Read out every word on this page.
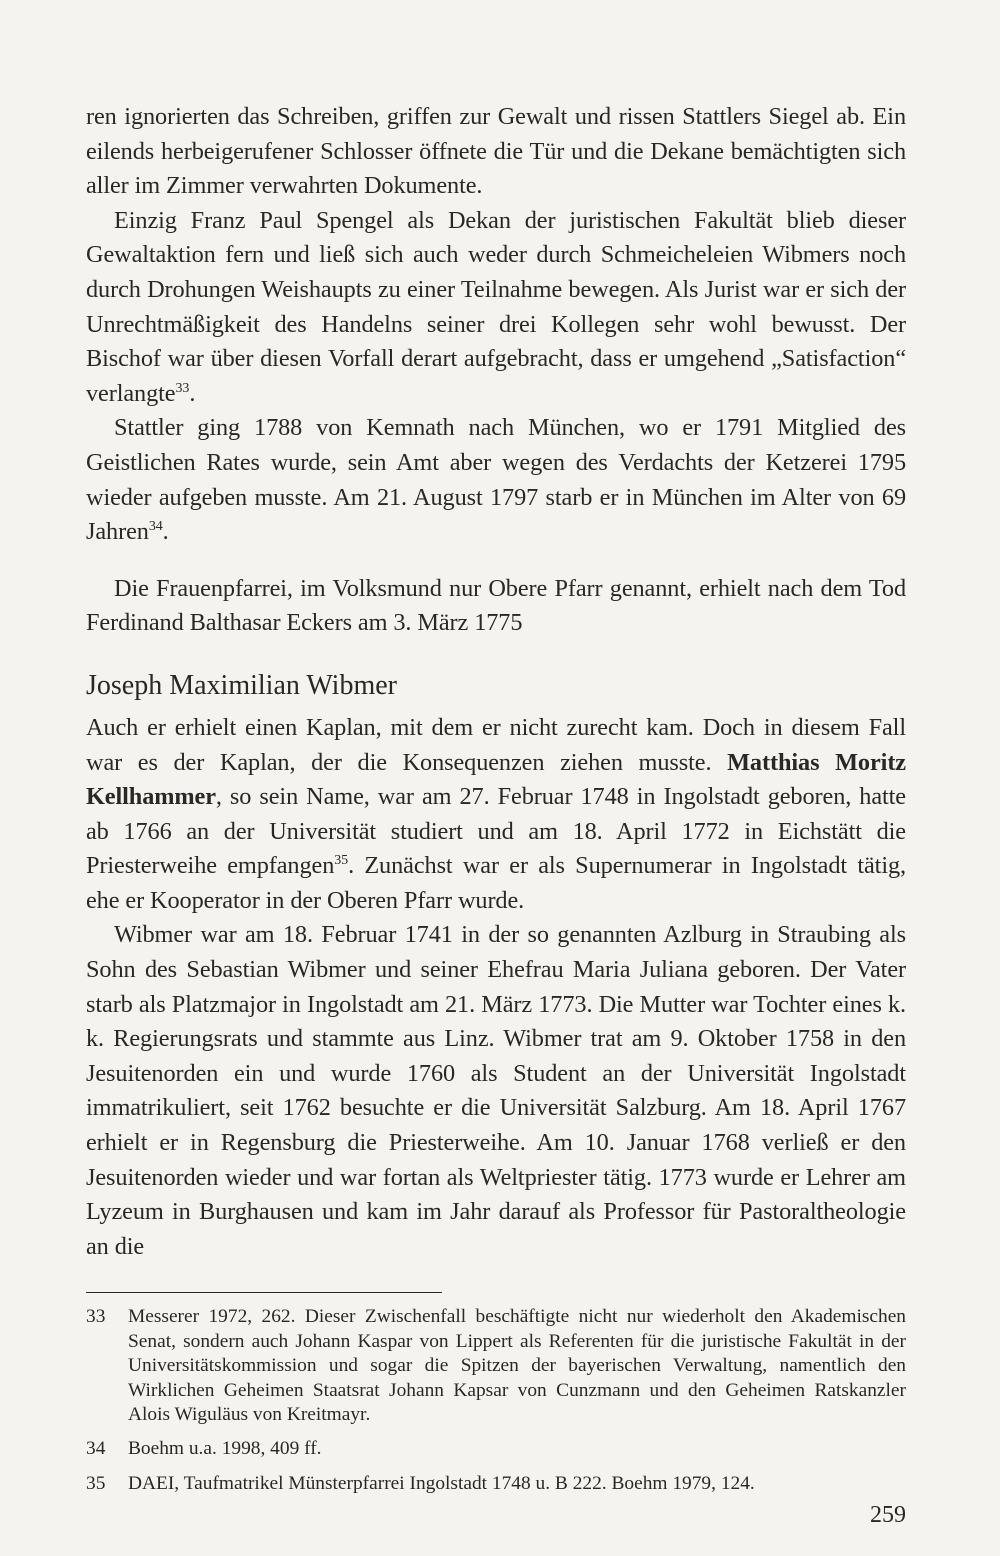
ren ignorierten das Schreiben, griffen zur Gewalt und rissen Stattlers Siegel ab. Ein eilends herbeigerufener Schlosser öffnete die Tür und die Dekane bemächtigten sich aller im Zimmer verwahrten Dokumente.

Einzig Franz Paul Spengel als Dekan der juristischen Fakultät blieb dieser Gewaltaktion fern und ließ sich auch weder durch Schmeicheleien Wibmers noch durch Drohungen Weishaupts zu einer Teilnahme bewegen. Als Jurist war er sich der Unrechtmäßigkeit des Handelns seiner drei Kollegen sehr wohl bewusst. Der Bischof war über diesen Vorfall derart aufgebracht, dass er umgehend „Satisfaction“ verlangte$^{33}$.

Stattler ging 1788 von Kemnath nach München, wo er 1791 Mitglied des Geistlichen Rates wurde, sein Amt aber wegen des Verdachts der Ketzerei 1795 wieder aufgeben musste. Am 21. August 1797 starb er in München im Alter von 69 Jahren$^{34}$.

Die Frauenpfarrei, im Volksmund nur Obere Pfarr genannt, erhielt nach dem Tod Ferdinand Balthasar Eckers am 3. März 1775

Joseph Maximilian Wibmer

Auch er erhielt einen Kaplan, mit dem er nicht zurecht kam. Doch in diesem Fall war es der Kaplan, der die Konsequenzen ziehen musste. Matthias Moritz Kellhammer, so sein Name, war am 27. Februar 1748 in Ingolstadt geboren, hatte ab 1766 an der Universität studiert und am 18. April 1772 in Eichstätt die Priesterweihe empfangen$^{35}$. Zunächst war er als Supernumerar in Ingolstadt tätig, ehe er Kooperator in der Oberen Pfarr wurde.

Wibmer war am 18. Februar 1741 in der so genannten Azlburg in Straubing als Sohn des Sebastian Wibmer und seiner Ehefrau Maria Juliana geboren. Der Vater starb als Platzmajor in Ingolstadt am 21. März 1773. Die Mutter war Tochter eines k. k. Regierungsrats und stammte aus Linz. Wibmer trat am 9. Oktober 1758 in den Jesuitenorden ein und wurde 1760 als Student an der Universität Ingolstadt immatrikuliert, seit 1762 besuchte er die Universität Salzburg. Am 18. April 1767 erhielt er in Regensburg die Priesterweihe. Am 10. Januar 1768 verließ er den Jesuitenorden wieder und war fortan als Weltpriester tätig. 1773 wurde er Lehrer am Lyzeum in Burghausen und kam im Jahr darauf als Professor für Pastoraltheologie an die

33	Messerer 1972, 262. Dieser Zwischenfall beschäftigte nicht nur wiederholt den Akademischen Senat, sondern auch Johann Kaspar von Lippert als Referenten für die juristische Fakultät in der Universitätskommission und sogar die Spitzen der bayerischen Verwaltung, namentlich den Wirklichen Geheimen Staatsrat Johann Kapsar von Cunzmann und den Geheimen Ratskanzler Alois Wiguläus von Kreitmayr.
34	Boehm u.a. 1998, 409 ff.
35	DAEI, Taufmatrikel Münsterpfarrei Ingolstadt 1748 u. B 222. Boehm 1979, 124.
259
